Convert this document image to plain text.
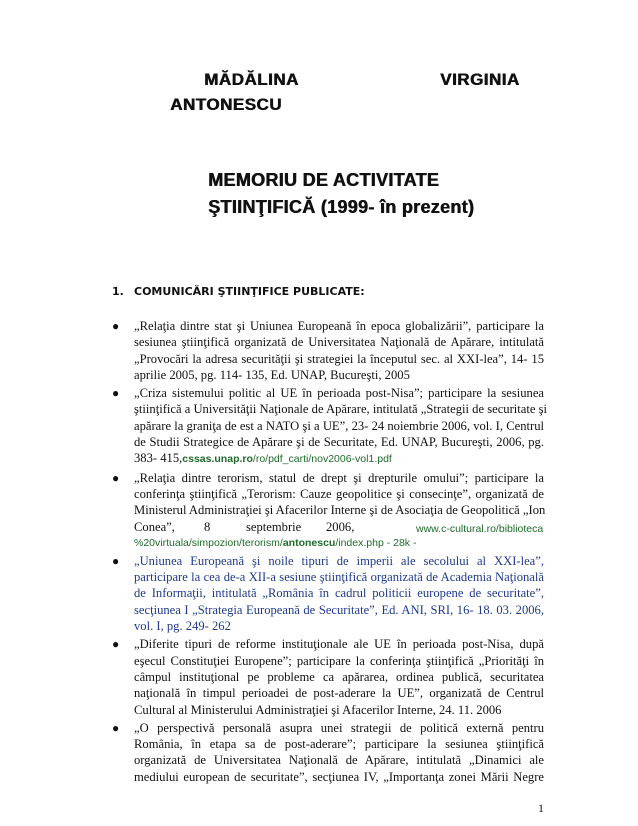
MĂDĂLINA	VIRGINIA
ANTONESCU
MEMORIU DE ACTIVITATE
ŞTIINŢIFICĂ (1999- în prezent)
1. COMUNICĂRI ŞTIINŢIFICE PUBLICATE:
● „Relaţia dintre stat şi Uniunea Europeană în epoca globalizării”, participare la
sesiunea ştiinţifică organizată de Universitatea Naţională de Apărare, intitulată
„Provocări la adresa securităţii şi strategiei la începutul sec. al XXI-lea”, 14- 15
aprilie 2005, pg. 114- 135, Ed. UNAP, Bucureşti, 2005
● „Criza sistemului politic al UE în perioada post-Nisa”; participare la sesiunea
ştiinţifică a Universităţii Naţionale de Apărare, intitulată „Strategii de securitate şi
apărare la graniţa de est a NATO şi a UE”, 23- 24 noiembrie 2006, vol. I, Centrul
de Studii Strategice de Apărare şi de Securitate, Ed. UNAP, Bucureşti, 2006, pg.
383- 415,cssas.unap.ro/ro/pdf_carti/nov2006-vol1.pdf
● „Relaţia dintre terorism, statul de drept şi drepturile omului”; participare la
conferinţa ştiinţifică „Terorism: Cauze geopolitice şi consecinţe”, organizată de
Ministerul Administraţiei şi Afacerilor Interne şi de Asociaţia de Geopolitică „Ion
Conea”, 8	septembrie 2006,	www.c-cultural.ro/biblioteca
%20virtuala/simpozion/terorism/antonescu/index.php - 28k -
● „Uniunea Europeană şi noile tipuri de imperii ale secolului al XXI-lea”,
participare la cea de-a XII-a sesiune ştiinţifică organizată de Academia Naţională
de Informaţii, intitulată „România în cadrul politicii europene de securitate”,
secţiunea I „Strategia Europeană de Securitate”, Ed. ANI, SRI, 16- 18. 03. 2006,
vol. I, pg. 249- 262
● „Diferite tipuri de reforme instituţionale ale UE în perioada post-Nisa, după
eşecul Constituţiei Europene”; participare la conferinţa ştiinţifică „Priorităţi în
câmpul instituţional pe probleme ca apărarea, ordinea publică, securitatea
naţională în timpul perioadei de post-aderare la UE”, organizată de Centrul
Cultural al Ministerului Administraţiei şi Afacerilor Interne, 24. 11. 2006
● „O perspectivă personală asupra unei strategii de politică externă pentru
România, în etapa sa de post-aderare”; participare la sesiunea ştiinţifică
organizată de Universitatea Naţională de Apărare, intitulată „Dinamici ale
mediului european de securitate”, secţiunea IV, „Importanţa zonei Mării Negre
1
